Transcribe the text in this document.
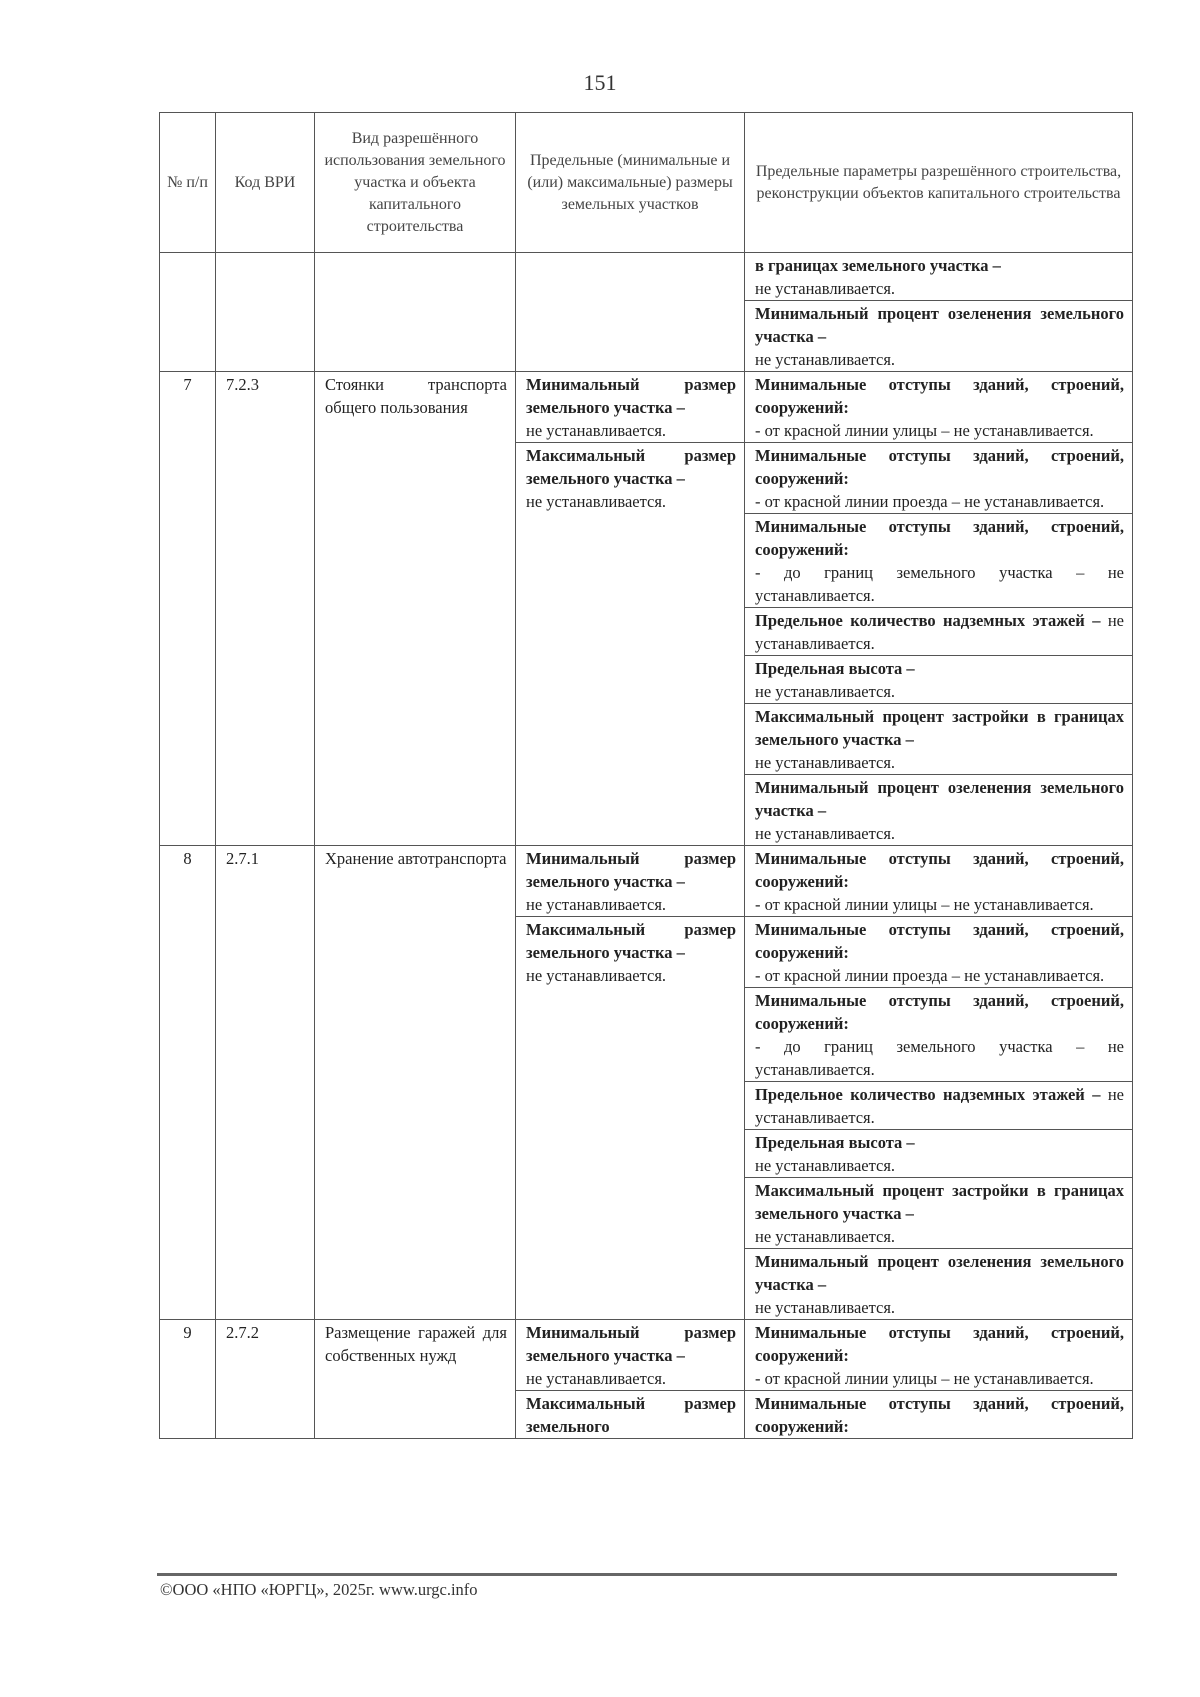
151
№ п/п	Код ВРИ	Вид разрешённого использования земельного участка и объекта капитального строительства	Предельные (минимальные и (или) максимальные) размеры земельных участков	Предельные параметры разрешённого строительства, реконструкции объектов капитального строительства
				в границах земельного участка –
не устанавливается.
				Минимальный процент озеленения земельного участка –
не устанавливается.
7	7.2.3	Стоянки транспорта общего пользования	Минимальный размер земельного участка –
не устанавливается.	Минимальные отступы зданий, строений, сооружений:
- от красной линии улицы – не устанавливается.
			Максимальный размер земельного участка –
не устанавливается.	Минимальные отступы зданий, строений, сооружений:
- от красной линии проезда – не устанавливается.
				Минимальные отступы зданий, строений, сооружений:
- до границ земельного участка – не устанавливается.
				Предельное количество надземных этажей – не устанавливается.
				Предельная высота –
не устанавливается.
				Максимальный процент застройки в границах земельного участка –
не устанавливается.
				Минимальный процент озеленения земельного участка –
не устанавливается.
8	2.7.1	Хранение автотранспорта	Минимальный размер земельного участка –
не устанавливается.	Минимальные отступы зданий, строений, сооружений:
- от красной линии улицы – не устанавливается.
			Максимальный размер земельного участка –
не устанавливается.	Минимальные отступы зданий, строений, сооружений:
- от красной линии проезда – не устанавливается.
				Минимальные отступы зданий, строений, сооружений:
- до границ земельного участка – не устанавливается.
				Предельное количество надземных этажей – не устанавливается.
				Предельная высота –
не устанавливается.
				Максимальный процент застройки в границах земельного участка –
не устанавливается.
				Минимальный процент озеленения земельного участка –
не устанавливается.
9	2.7.2	Размещение гаражей для собственных нужд	Минимальный размер земельного участка –
не устанавливается.	Минимальные отступы зданий, строений, сооружений:
- от красной линии улицы – не устанавливается.
			Максимальный размер земельного	Минимальные отступы зданий, строений, сооружений:
©ООО «НПО «ЮРГЦ», 2025г. www.urgc.info
